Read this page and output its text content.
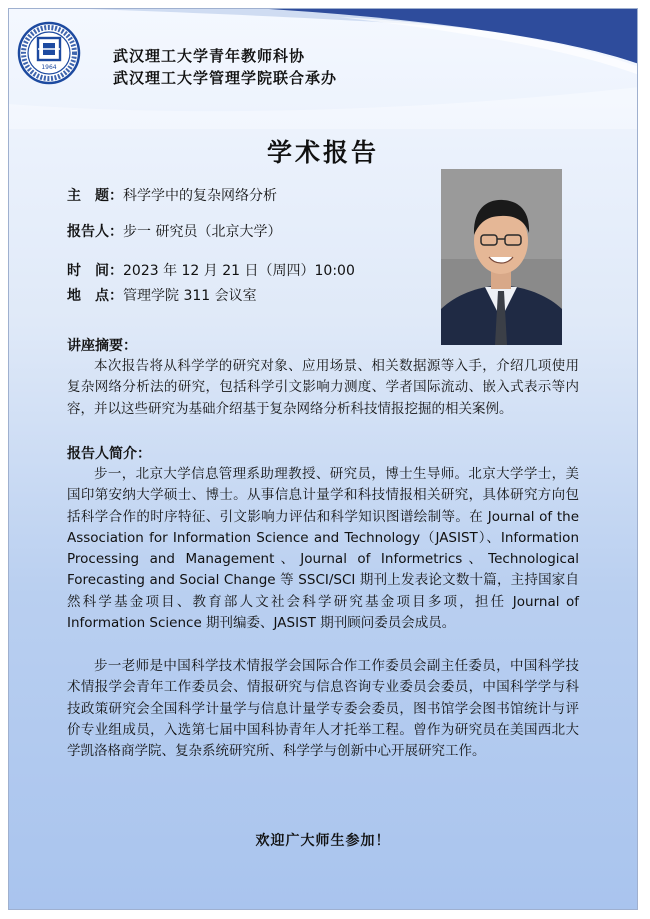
1964
武汉理工大学青年教师科协
武汉理工大学管理学院联合承办
学术报告
主　题：科学学中的复杂网络分析
报告人：步一 研究员（北京大学）
时　间：2023 年 12 月 21 日（周四）10:00
地　点：管理学院 311 会议室
讲座摘要：

本次报告将从科学学的研究对象、应用场景、相关数据源等入手，介绍几项使用复杂网络分析法的研究，包括科学引文影响力测度、学者国际流动、嵌入式表示等内容，并以这些研究为基础介绍基于复杂网络分析科技情报挖掘的相关案例。

报告人简介：

步一，北京大学信息管理系助理教授、研究员，博士生导师。北京大学学士，美国印第安纳大学硕士、博士。从事信息计量学和科技情报相关研究，具体研究方向包括科学合作的时序特征、引文影响力评估和科学知识图谱绘制等。在 Journal of the Association for Information Science and Technology（JASIST）、Information Processing and Management、Journal of Informetrics、Technological Forecasting and Social Change 等 SSCI/SCI 期刊上发表论文数十篇，主持国家自然科学基金项目、教育部人文社会科学研究基金项目多项，担任 Journal of Information Science 期刊编委、JASIST 期刊顾问委员会成员。

步一老师是中国科学技术情报学会国际合作工作委员会副主任委员，中国科学技术情报学会青年工作委员会、情报研究与信息咨询专业委员会委员，中国科学学与科技政策研究会全国科学计量学与信息计量学专委会委员，图书馆学会图书馆统计与评价专业组成员，入选第七届中国科协青年人才托举工程。曾作为研究员在美国西北大学凯洛格商学院、复杂系统研究所、科学学与创新中心开展研究工作。

欢迎广大师生参加！
